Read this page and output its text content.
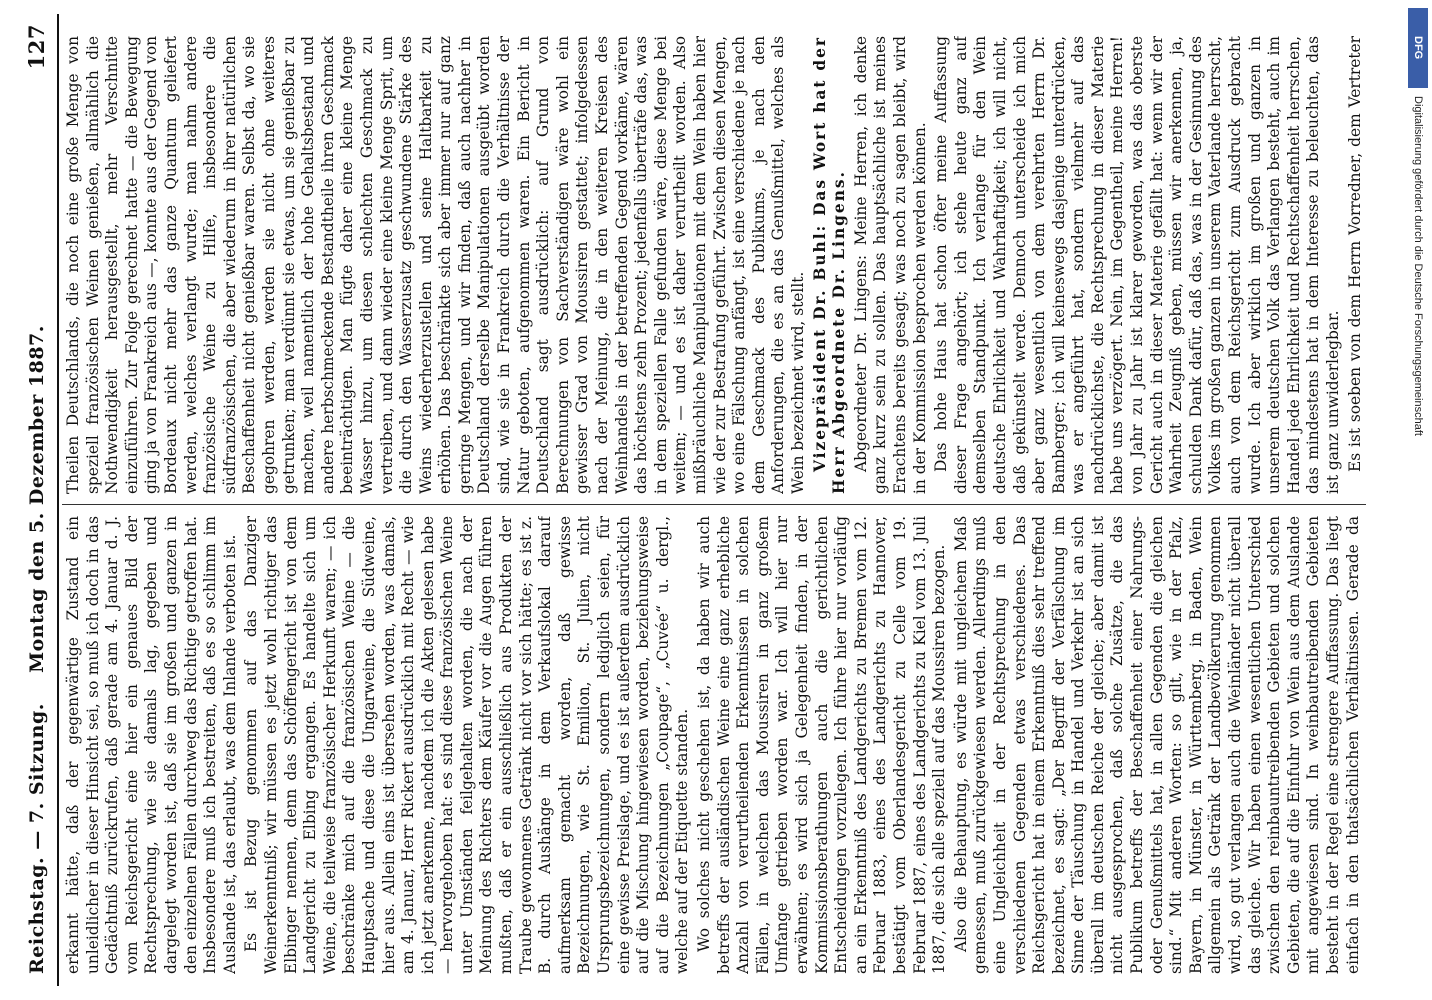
Reichstag. — 7. Sitzung.
Montag den 5. Dezember 1887.
127

erkannt hätte, daß der gegenwärtige Zustand ein unleidlicher in dieser Hinsicht sei, so muß ich doch in das Gedächtniß zurückrufen, daß gerade am 4. Januar d. J. vom Reichsgericht eine hier ein genaues Bild der Rechtsprechung, wie sie damals lag, gegeben und dargelegt worden ist, daß sie im großen und ganzen in den einzelnen Fällen durchweg das Richtige getroffen hat. Insbesondere muß ich bestreiten, daß es so schlimm im Auslande ist, das erlaubt, was dem Inlande verboten ist. Es ist Bezug genommen auf das Danziger Weinerkenntniß; wir müssen es jetzt wohl richtiger das Elbinger nennen, denn das Schöffengericht ist von dem Landgericht zu Elbing ergangen. Es handelte sich um Weine, die teilweise französischer Herkunft waren; — ich beschränke mich auf die französischen Weine — die Hauptsache und diese die Ungarweine, die Südweine, hier aus. Allein eins ist übersehen worden, was damals, am 4. Januar, Herr Rickert ausdrücklich mit Recht — wie ich jetzt anerkenne, nachdem ich die Akten gelesen habe — hervorgehoben hat: es sind diese französischen Weine unter Umständen feilgehalten worden, die nach der Meinung des Richters dem Käufer vor die Augen führen mußten, daß er ein ausschließlich aus Produkten der Traube gewonnenes Getränk nicht vor sich hätte; es ist z. B. durch Aushänge in dem Verkaufslokal darauf aufmerksam gemacht worden, daß gewisse Bezeichnungen, wie St. Emilion, St. Julien, nicht Ursprungsbezeichnungen, sondern lediglich seien, für eine gewisse Preislage, und es ist außerdem ausdrücklich auf die Mischung hingewiesen worden, beziehungsweise auf die Bezeichnungen „Coupage“, „Cuvée“ u. dergl., welche auf der Etiquette standen. Wo solches nicht geschehen ist, da haben wir auch betreffs der ausländischen Weine eine ganz erhebliche Anzahl von verurtheilenden Erkenntnissen in solchen Fällen, in welchen das Moussiren in ganz großem Umfange getrieben worden war. Ich will hier nur erwähnen; es wird sich ja Gelegenheit finden, in der Kommissionsberathungen auch die gerichtlichen Entscheidungen vorzulegen. Ich führe hier nur vorläufig an ein Erkenntniß des Landgerichts zu Bremen vom 12. Februar 1883, eines des Landgerichts zu Hannover, bestätigt vom Oberlandesgericht zu Celle vom 19. Februar 1887, eines des Landgerichts zu Kiel vom 13. Juli 1887, die sich alle speziell auf das Moussiren bezogen. Also die Behauptung, es würde mit ungleichem Maß gemessen, muß zurückgewiesen werden. Allerdings muß eine Ungleichheit in der Rechtsprechung in den verschiedenen Gegenden etwas verschiedenes. Das Reichsgericht hat in einem Erkenntniß dies sehr treffend bezeichnet, es sagt: „Der Begriff der Verfälschung im Sinne der Täuschung in Handel und Verkehr ist an sich überall im deutschen Reiche der gleiche; aber damit ist nicht ausgesprochen, daß solche Zusätze, die das Publikum betreffs der Beschaffenheit einer Nahrungs- oder Genußmittels hat, in allen Gegenden die gleichen sind.“ Mit anderen Worten: so gilt, wie in der Pfalz, Bayern, in Münster, in Württemberg, in Baden, Wein allgemein als Getränk der Landbevölkerung genommen wird, so gut verlangen auch die Weinländer nicht überall das gleiche. Wir haben einen wesentlichen Unterschied zwischen den reinbauntreibenden Gebieten und solchen Gebieten, die auf die Einfuhr von Wein aus dem Auslande mit angewiesen sind. In weinbautreibenden Gebieten besteht in der Regel eine strengere Auffassung. Das liegt einfach in den thatsächlichen Verhältnissen. Gerade da

Theilen Deutschlands, die noch eine große Menge von speziell französischen Weinen genießen, allmählich die Nothwendigkeit herausgestellt, mehr Verschnitte einzuführen. Zur Folge gerechnet hatte — die Bewegung ging ja von Frankreich aus —, konnte aus der Gegend von Bordeaux nicht mehr das ganze Quantum geliefert werden, welches verlangt wurde; man nahm andere französische Weine zu Hilfe, insbesondere die südfranzösischen, die aber wiederum in ihrer natürlichen Beschaffenheit nicht genießbar waren. Selbst da, wo sie gegohren werden, werden sie nicht ohne weiteres getrunken; man verdünnt sie etwas, um sie genießbar zu machen, weil namentlich der hohe Gehaltsbestand und andere herbschmeckende Bestandtheile ihren Geschmack beeinträchtigen. Man fügte daher eine kleine Menge Wasser hinzu, um diesen schlechten Geschmack zu vertreiben, und dann wieder eine kleine Menge Sprit, um die durch den Wasserzusatz geschwundene Stärke des Weins wiederherzustellen und seine Haltbarkeit zu erhöhen. Das beschränkte sich aber immer nur auf ganz geringe Mengen, und wir finden, daß auch nachher in Deutschland derselbe Manipulationen ausgeübt worden sind, wie sie in Frankreich durch die Verhältnisse der Natur geboten, aufgenommen waren. Ein Bericht in Deutschland sagt ausdrücklich: auf Grund von Berechnungen von Sachverständigen wäre wohl ein gewisser Grad von Moussiren gestattet; infolgedessen nach der Meinung, die in den weiteren Kreisen des Weinhandels in der betreffenden Gegend vorkäme, wären das höchstens zehn Prozent; jedenfalls überträfe das, was in dem speziellen Falle gefunden wäre, diese Menge bei weitem; — und es ist daher verurtheilt worden. Also mißbräuchliche Manipulationen mit dem Wein haben hier wie der zur Bestrafung geführt. Zwischen diesen Mengen, wo eine Fälschung anfängt, ist eine verschiedene je nach dem Geschmack des Publikums, je nach den Anforderungen, die es an das Genußmittel, welches als Wein bezeichnet wird, stellt. Vizepräsident Dr. Buhl: Das Wort hat der Herr Abgeordnete Dr. Lingens. Abgeordneter Dr. Lingens: Meine Herren, ich denke ganz kurz sein zu sollen. Das hauptsächliche ist meines Erachtens bereits gesagt; was noch zu sagen bleibt, wird in der Kommission besprochen werden können. Das hohe Haus hat schon öfter meine Auffassung dieser Frage angehört; ich stehe heute ganz auf demselben Standpunkt. Ich verlange für den Wein deutsche Ehrlichkeit und Wahrhaftigkeit; ich will nicht, daß gekünstelt werde. Dennoch unterscheide ich mich aber ganz wesentlich von dem verehrten Herrn Dr. Bamberger; ich will keineswegs dasjenige unterdrücken, was er angeführt hat, sondern vielmehr auf das nachdrücklichste, die Rechtsprechung in dieser Materie habe uns verzögert. Nein, im Gegentheil, meine Herren! von Jahr zu Jahr ist klarer geworden, was das oberste Gericht auch in dieser Materie gefällt hat: wenn wir der Wahrheit Zeugniß geben, müssen wir anerkennen, ja, schulden Dank dafür, daß das, was in der Gesinnung des Volkes im großen ganzen in unserem Vaterlande herrscht, auch von dem Reichsgericht zum Ausdruck gebracht wurde. Ich aber wirklich im großen und ganzen in unserem deutschen Volk das Verlangen besteht, auch im Handel jede Ehrlichkeit und Rechtschaffenheit herrschen, das mindestens hat in dem Interesse zu beleuchten, das ist ganz unwiderlegbar. Es ist soeben von dem Herrn Vorredner, dem Vertreter	DFG
Digitalisierung gefördert durch die Deutsche Forschungsgemeinschaft
